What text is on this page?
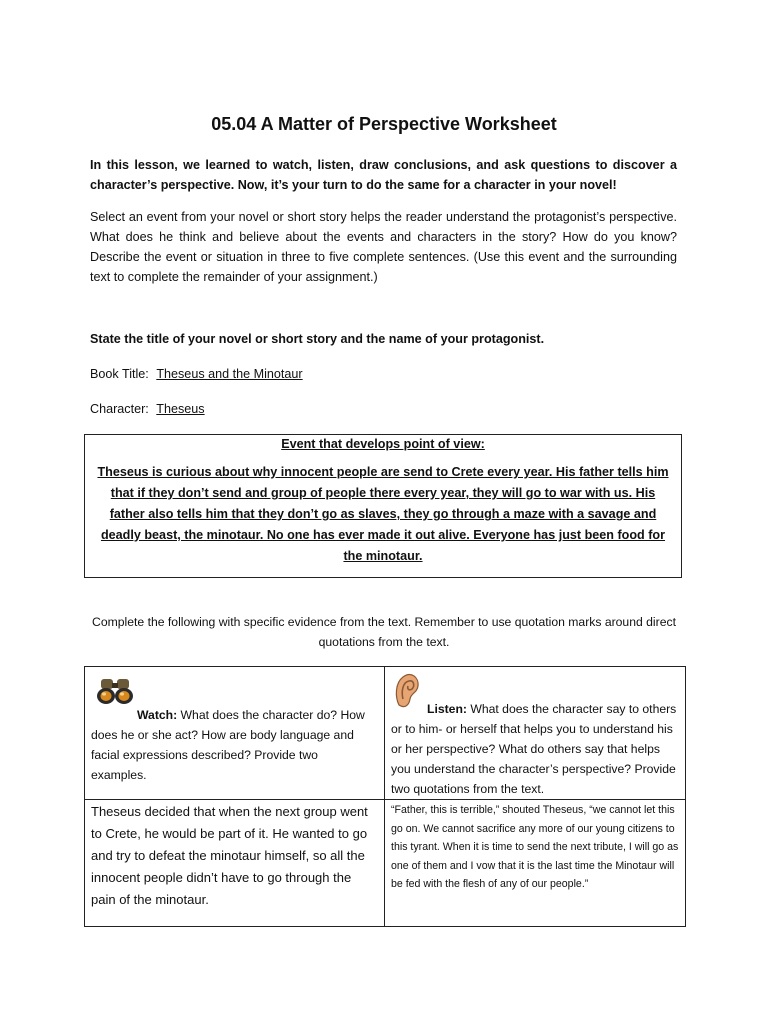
05.04 A Matter of Perspective Worksheet
In this lesson, we learned to watch, listen, draw conclusions, and ask questions to discover a character’s perspective. Now, it’s your turn to do the same for a character in your novel!
Select an event from your novel or short story helps the reader understand the protagonist’s perspective. What does he think and believe about the events and characters in the story? How do you know? Describe the event or situation in three to five complete sentences. (Use this event and the surrounding text to complete the remainder of your assignment.)
State the title of your novel or short story and the name of your protagonist.
Book Title: Theseus and the Minotaur
Character: Theseus
Event that develops point of view:
Theseus is curious about why innocent people are send to Crete every year. His father tells him that if they don’t send and group of people there every year, they will go to war with us. His father also tells him that they don’t go as slaves, they go through a maze with a savage and deadly beast, the minotaur. No one has ever made it out alive. Everyone has just been food for the minotaur.
Complete the following with specific evidence from the text. Remember to use quotation marks around direct quotations from the text.
Watch: What does the character do? How does he or she act? How are body language and facial expressions described? Provide two examples.
Listen: What does the character say to others or to him- or herself that helps you to understand his or her perspective? What do others say that helps you understand the character’s perspective? Provide two quotations from the text.
Theseus decided that when the next group went to Crete, he would be part of it. He wanted to go and try to defeat the minotaur himself, so all the innocent people didn’t have to go through the pain of the minotaur.
“Father, this is terrible,” shouted Theseus, “we cannot let this go on. We cannot sacrifice any more of our young citizens to this tyrant. When it is time to send the next tribute, I will go as one of them and I vow that it is the last time the Minotaur will be fed with the flesh of any of our people.”
